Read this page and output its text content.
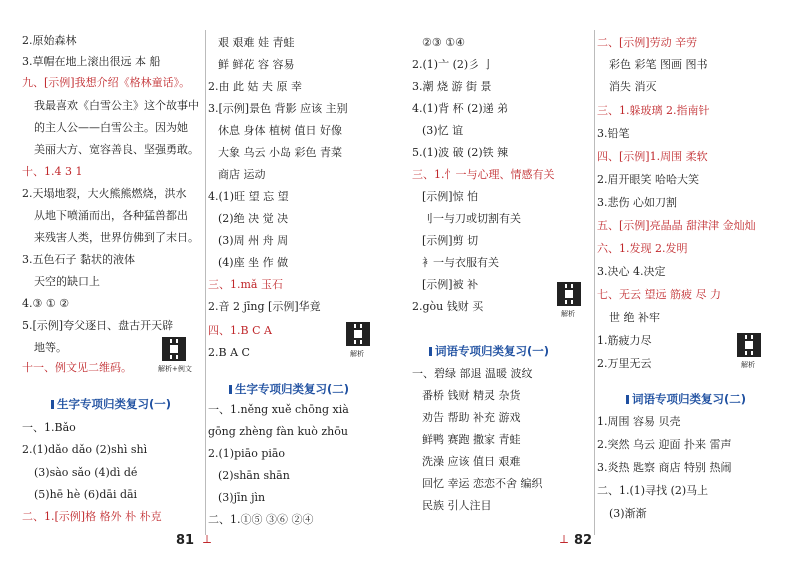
2.原始森林
3.草帽在地上滚出很远 本 船
九、[示例]我想介绍《格林童话》。
我最喜欢《白雪公主》这个故事中
的主人公——白雪公主。因为她
美丽大方、宽容善良、坚强勇敢。
十、1.4 3 1
2.天塌地裂，大火熊熊燃烧，洪水
从地下喷涌而出，各种猛兽都出
来残害人类，世界仿佛到了末日。
3.五色石子 黏状的液体
天空的缺口上
4.③ ① ②
5.[示例]夸父逐日、盘古开天辟
地等。
十一、例文见二维码。	解析+例文
生字专项归类复习(一)
一、1.Bǎo
2.(1)dǎo dǎo (2)shì shì
(3)sào sǎo (4)dì dé
(5)hē hè (6)dāi dāi
二、1.[示例]格 格外 朴 朴克
艰 艰难 娃 青蛙
鲜 鲜花 容 容易
2.由 此 姑 夫 原 幸
3.[示例]景色 背影 应该 主别
休息 身体 植树 值日 好像
大象 乌云 小岛 彩色 青菜
商店 运动
4.(1)旺 望 忘 望
(2)绝 决 觉 决
(3)周 州 舟 周
(4)座 坐 作 做
三、1.mǎ 玉石
2.音 2 jīng [示例]华竟
四、1.B C A
2.B A C	解析
生字专项归类复习(二)
一、1.něng xuě chōng xià
gōng zhèng fàn kuò zhōu
2.(1)piāo piāo
(2)shān shān
(3)jīn jìn
二、1.①⑤ ③⑥ ②④
81 ⟂
②③ ①④
2.(1)亠 (2)彡 亅
3.潮 烧 游 街 景
4.(1)背 杯 (2)递 弟
(3)忆 谊
5.(1)波 破 (2)铁 辣
三、1.忄一与心理、情感有关
[示例]惊 怕
刂一与刀或切割有关
[示例]剪 切
衤一与衣服有关
[示例]被 补
2.gòu 钱财 买
解析
词语专项归类复习(一)
一、碧绿 部退 温暖 波纹
番桥 钱财 精灵 杂货
劝告 帮助 补充 游戏
鲜鸭 赛跑 撒家 青蛙
洗澡 应该 值日 艰难
回忆 幸运 恋恋不舍 编织
民族 引人注目
⟂ 82
二、[示例]劳动 辛劳
彩色 彩笔 图画 图书
消失 消灭
三、1.躲玻璃 2.指南针
3.铅笔
四、[示例]1.周围 柔软
2.眉开眼笑 哈哈大笑
3.悲伤 心如刀割
五、[示例]亮晶晶 甜津津 金灿灿
六、1.发现 2.发明
3.决心 4.决定
七、无云 望远 筋疲 尽 力
世 绝 补牢
1.筋疲力尽
2.万里无云	解析
词语专项归类复习(二)
1.周围 容易 贝壳
2.突然 乌云 迎面 扑来 雷声
3.炎热 匙察 商店 特别 热闹
二、1.(1)寻找 (2)马上
(3)渐渐
